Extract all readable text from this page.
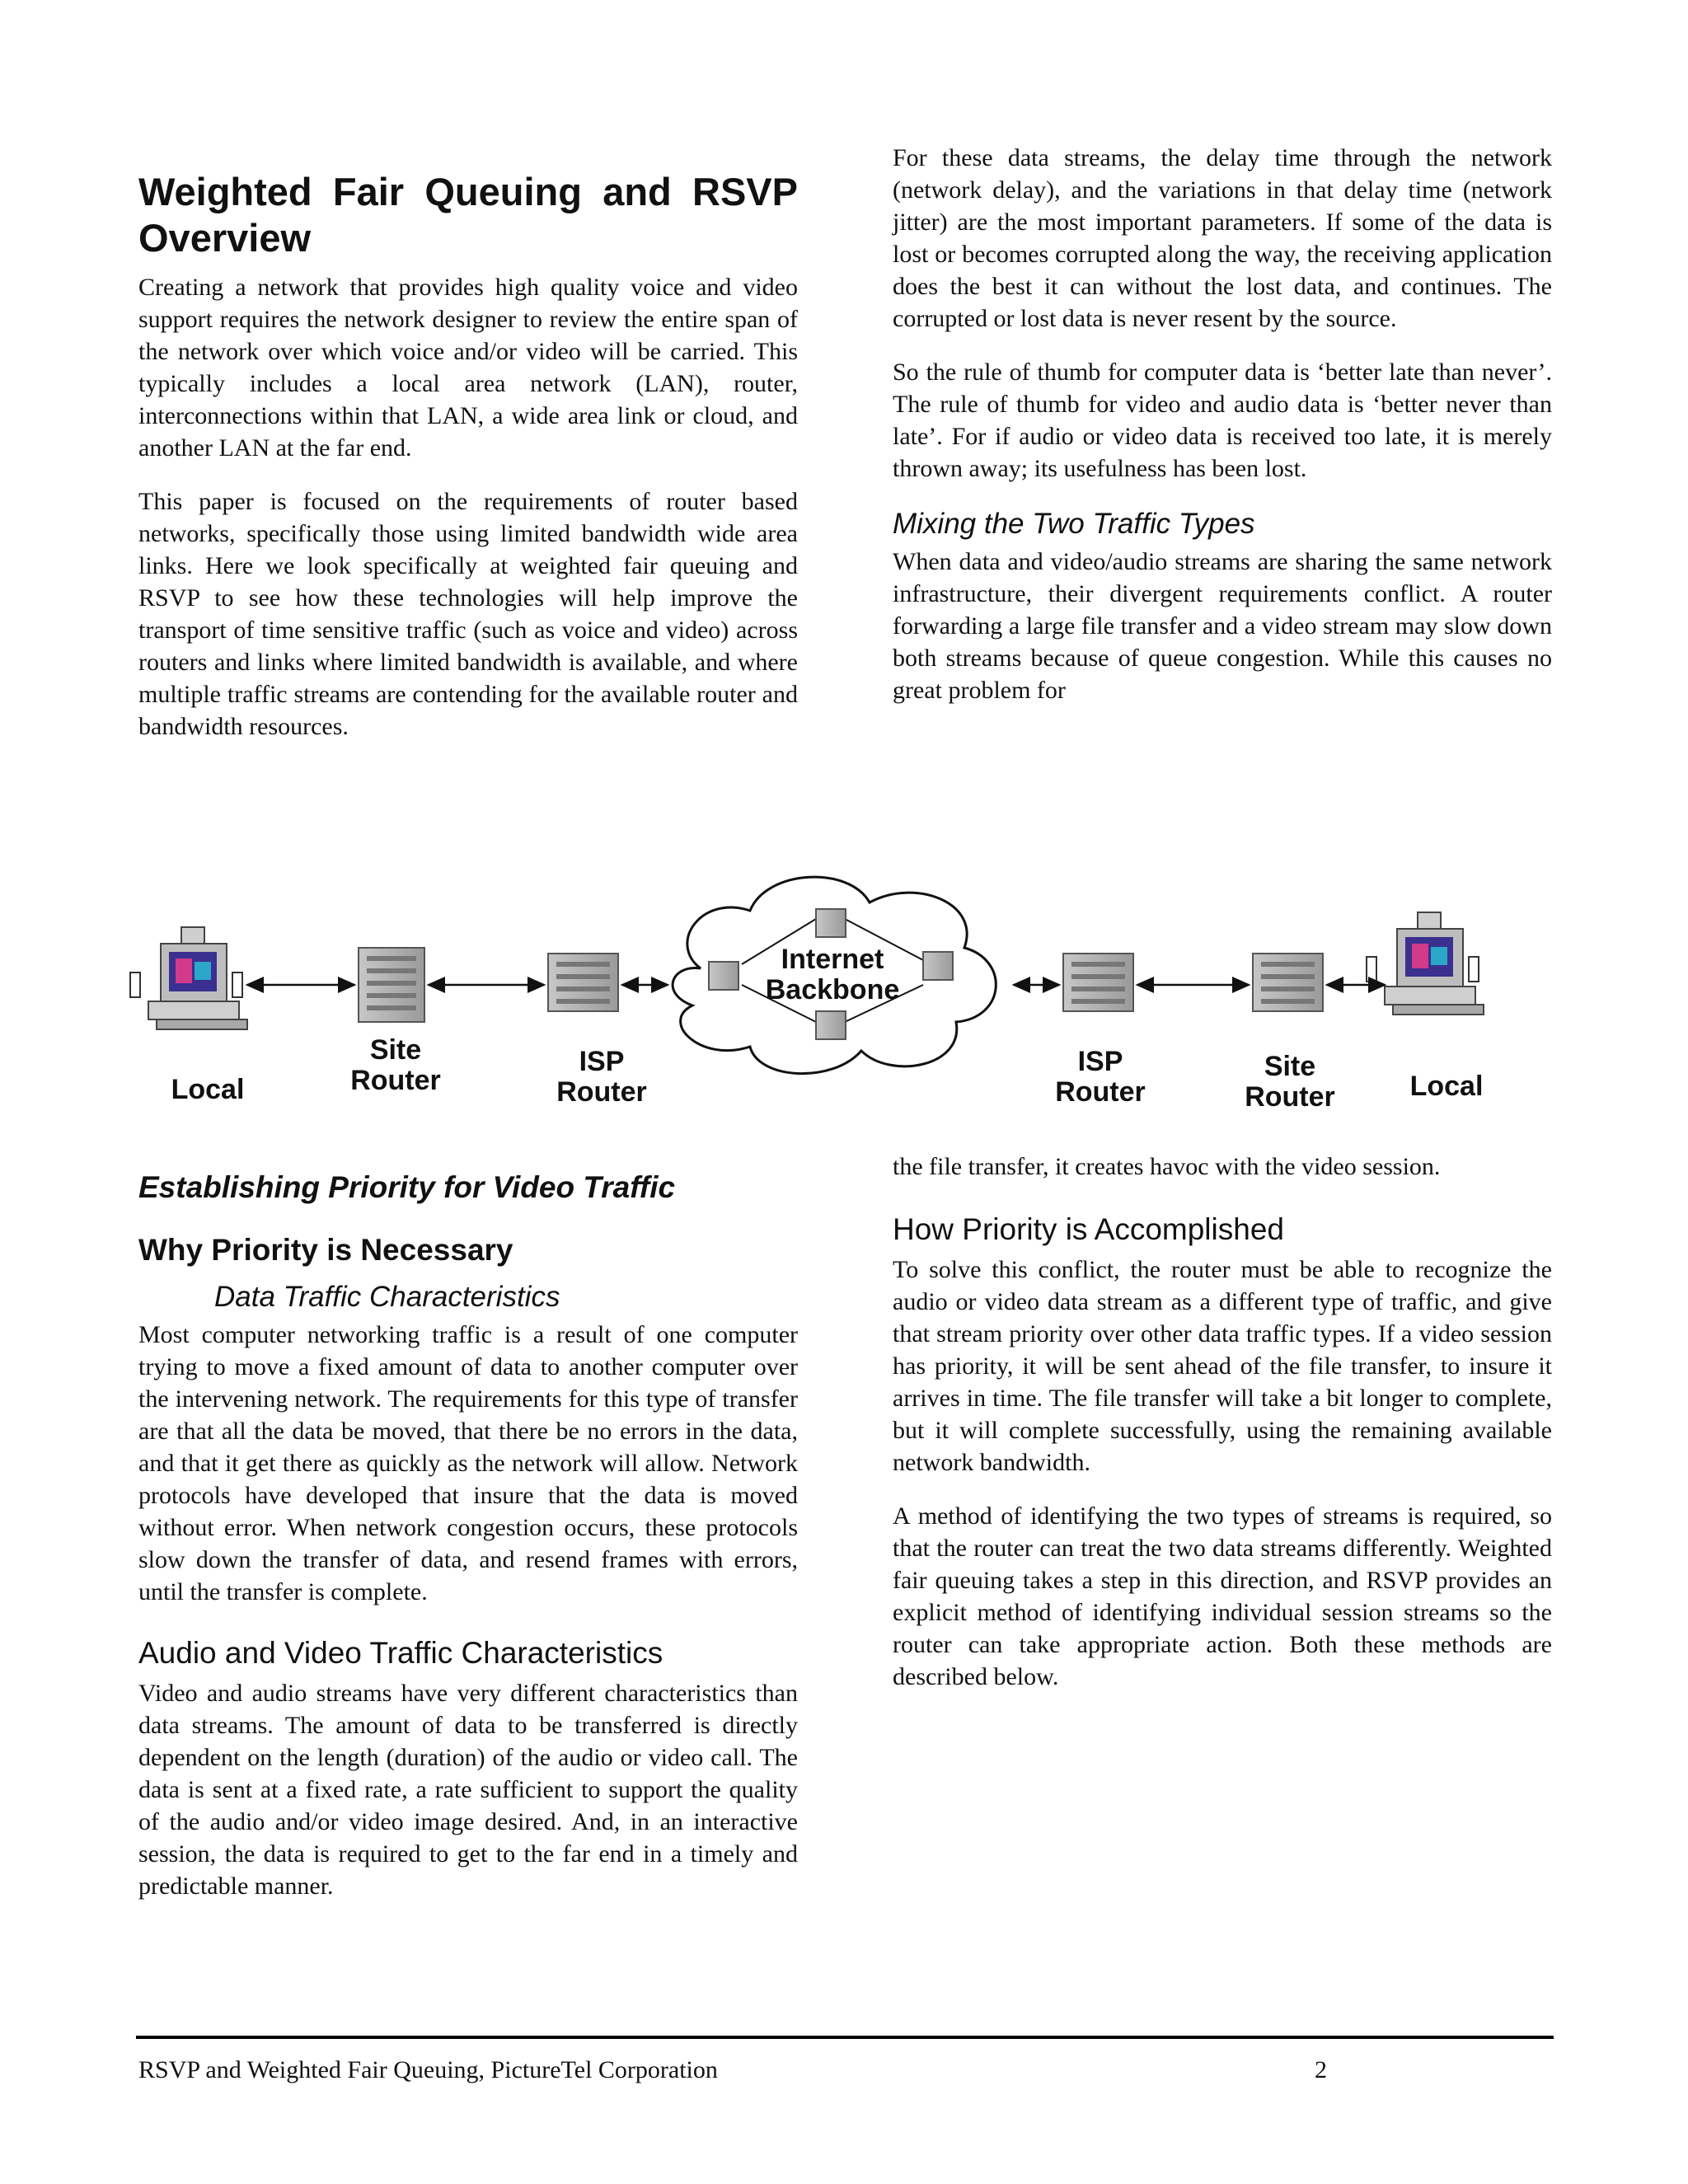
Weighted Fair Queuing and RSVP Overview

Creating a network that provides high quality voice and video support requires the network designer to review the entire span of the network over which voice and/or video will be carried. This typically includes a local area network (LAN), router, interconnections within that LAN, a wide area link or cloud, and another LAN at the far end.

This paper is focused on the requirements of router based networks, specifically those using limited bandwidth wide area links. Here we look specifically at weighted fair queuing and RSVP to see how these technologies will help improve the transport of time sensitive traffic (such as voice and video) across routers and links where limited bandwidth is available, and where multiple traffic streams are contending for the available router and bandwidth resources.

For these data streams, the delay time through the network (network delay), and the variations in that delay time (network jitter) are the most important parameters. If some of the data is lost or becomes corrupted along the way, the receiving application does the best it can without the lost data, and continues. The corrupted or lost data is never resent by the source.

So the rule of thumb for computer data is ‘better late than never’. The rule of thumb for video and audio data is ‘better never than late’. For if audio or video data is received too late, it is merely thrown away; its usefulness has been lost.

Mixing the Two Traffic Types

When data and video/audio streams are sharing the same network infrastructure, their divergent requirements conflict. A router forwarding a large file transfer and a video stream may slow down both streams because of queue congestion. While this causes no great problem for

Internet
Backbone
Local
Site
Router
ISP
Router
ISP
Router
Site
Router	Local
Establishing Priority for Video Traffic
Why Priority is Necessary
Data Traffic Characteristics

Most computer networking traffic is a result of one computer trying to move a fixed amount of data to another computer over the intervening network. The requirements for this type of transfer are that all the data be moved, that there be no errors in the data, and that it get there as quickly as the network will allow. Network protocols have developed that insure that the data is moved without error. When network congestion occurs, these protocols slow down the transfer of data, and resend frames with errors, until the transfer is complete.

Audio and Video Traffic Characteristics

Video and audio streams have very different characteristics than data streams. The amount of data to be transferred is directly dependent on the length (duration) of the audio or video call. The data is sent at a fixed rate, a rate sufficient to support the quality of the audio and/or video image desired. And, in an interactive session, the data is required to get to the far end in a timely and predictable manner.

the file transfer, it creates havoc with the video session.

How Priority is Accomplished

To solve this conflict, the router must be able to recognize the audio or video data stream as a different type of traffic, and give that stream priority over other data traffic types. If a video session has priority, it will be sent ahead of the file transfer, to insure it arrives in time. The file transfer will take a bit longer to complete, but it will complete successfully, using the remaining available network bandwidth.

A method of identifying the two types of streams is required, so that the router can treat the two data streams differently. Weighted fair queuing takes a step in this direction, and RSVP provides an explicit method of identifying individual session streams so the router can take appropriate action. Both these methods are described below.

RSVP and Weighted Fair Queuing, PictureTel Corporation	2
